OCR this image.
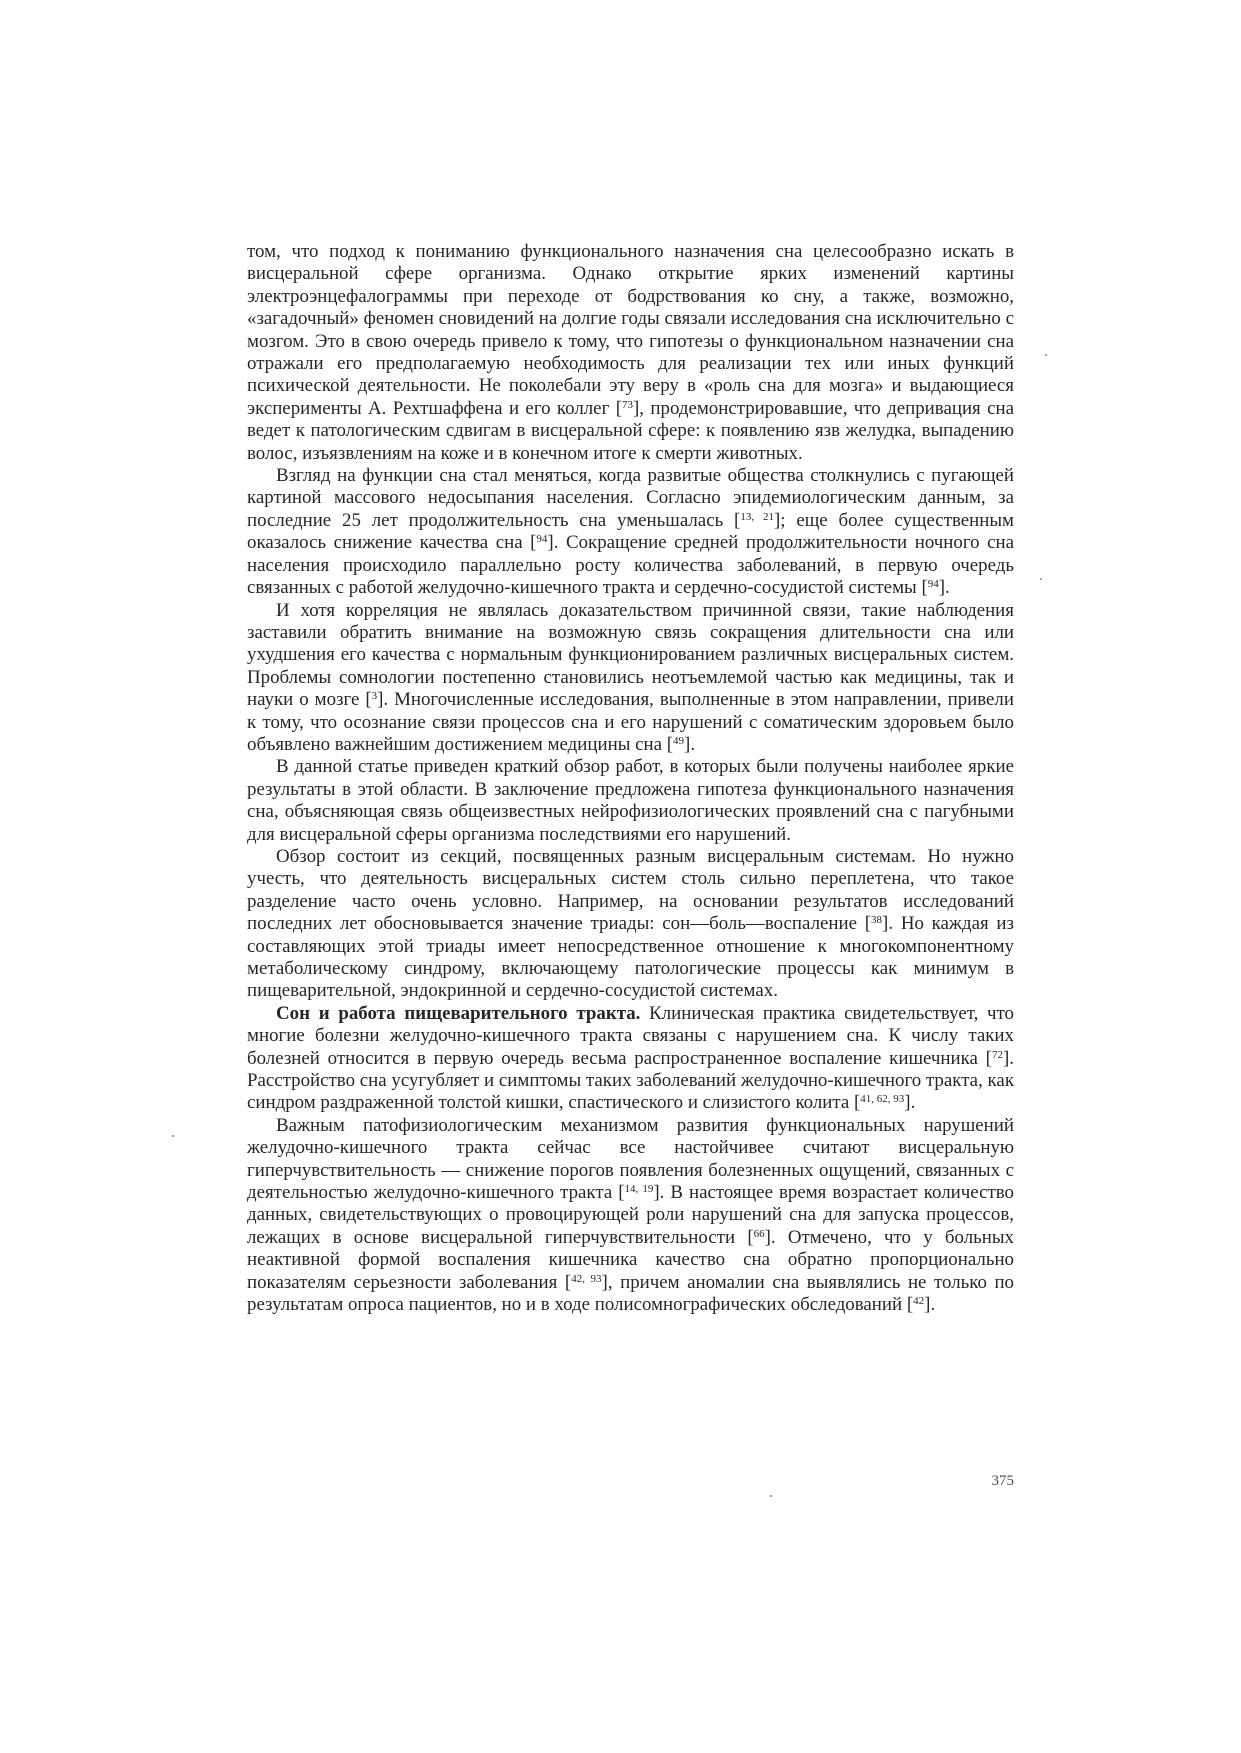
том, что подход к пониманию функционального назначения сна целесообразно искать в висцеральной сфере организма. Однако открытие ярких изменений картины электроэнцефалограммы при переходе от бодрствования ко сну, а также, возможно, «загадочный» феномен сновидений на долгие годы связали исследования сна исключительно с мозгом. Это в свою очередь привело к тому, что гипотезы о функциональном назначении сна отражали его предполагаемую необходимость для реализации тех или иных функций психической деятельности. Не поколебали эту веру в «роль сна для мозга» и выдающиеся эксперименты А. Рехтшаффена и его коллег [$^{73}$], продемонстрировавшие, что депривация сна ведет к патологическим сдвигам в висцеральной сфере: к появлению язв желудка, выпадению волос, изъязвлениям на коже и в конечном итоге к смерти животных.

Взгляд на функции сна стал меняться, когда развитые общества столкнулись с пугающей картиной массового недосыпания населения. Согласно эпидемиологическим данным, за последние 25 лет продолжительность сна уменьшалась [$^{13, 21}$]; еще более существенным оказалось снижение качества сна [$^{94}$]. Сокращение средней продолжительности ночного сна населения происходило параллельно росту количества заболеваний, в первую очередь связанных с работой желудочно-кишечного тракта и сердечно-сосудистой системы [$^{94}$].

И хотя корреляция не являлась доказательством причинной связи, такие наблюдения заставили обратить внимание на возможную связь сокращения длительности сна или ухудшения его качества с нормальным функционированием различных висцеральных систем. Проблемы сомнологии постепенно становились неотъемлемой частью как медицины, так и науки о мозге [$^3$]. Многочисленные исследования, выполненные в этом направлении, привели к тому, что осознание связи процессов сна и его нарушений с соматическим здоровьем было объявлено важнейшим достижением медицины сна [$^{49}$].

В данной статье приведен краткий обзор работ, в которых были получены наиболее яркие результаты в этой области. В заключение предложена гипотеза функционального назначения сна, объясняющая связь общеизвестных нейрофизиологических проявлений сна с пагубными для висцеральной сферы организма последствиями его нарушений.

Обзор состоит из секций, посвященных разным висцеральным системам. Но нужно учесть, что деятельность висцеральных систем столь сильно переплетена, что такое разделение часто очень условно. Например, на основании результатов исследований последних лет обосновывается значение триады: сон—боль—воспаление [$^{38}$]. Но каждая из составляющих этой триады имеет непосредственное отношение к многокомпонентному метаболическому синдрому, включающему патологические процессы как минимум в пищеварительной, эндокринной и сердечно-сосудистой системах.

Сон и работа пищеварительного тракта. Клиническая практика свидетельствует, что многие болезни желудочно-кишечного тракта связаны с нарушением сна. К числу таких болезней относится в первую очередь весьма распространенное воспаление кишечника [$^{72}$]. Расстройство сна усугубляет и симптомы таких заболеваний желудочно-кишечного тракта, как синдром раздраженной толстой кишки, спастического и слизистого колита [$^{41, 62, 93}$].

Важным патофизиологическим механизмом развития функциональных нарушений желудочно-кишечного тракта сейчас все настойчивее считают висцеральную гиперчувствительность — снижение порогов появления болезненных ощущений, связанных с деятельностью желудочно-кишечного тракта [$^{14, 19}$]. В настоящее время возрастает количество данных, свидетельствующих о провоцирующей роли нарушений сна для запуска процессов, лежащих в основе висцеральной гиперчувствительности [$^{66}$]. Отмечено, что у больных неактивной формой воспаления кишечника качество сна обратно пропорционально показателям серьезности заболевания [$^{42, 93}$], причем аномалии сна выявлялись не только по результатам опроса пациентов, но и в ходе полисомнографических обследований [$^{42}$].

375
